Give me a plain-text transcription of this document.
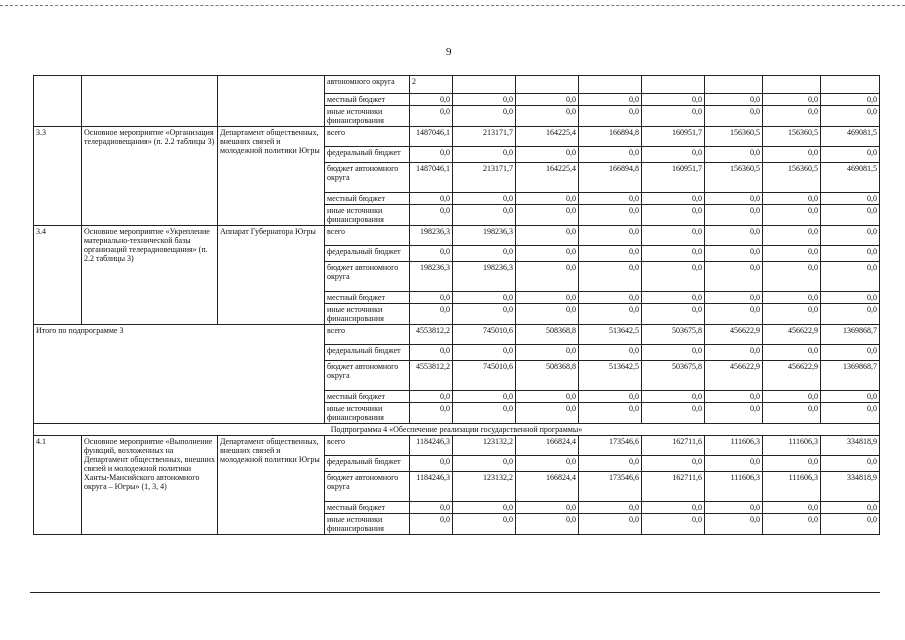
9
			автономного округа	2							
			местный бюджет	0,0	0,0	0,0	0,0	0,0	0,0	0,0	0,0
			иные источники финансирования	0,0	0,0	0,0	0,0	0,0	0,0	0,0	0,0
3.3	Основное мероприятие «Организация телерадиовещания» (п. 2.2 таблицы 3)	Департамент общественных, внешних связей и молодежной политики Югры	всего	1487046,1	213171,7	164225,4	166894,8	160951,7	156360,5	156360,5	469081,5
			федеральный бюджет	0,0	0,0	0,0	0,0	0,0	0,0	0,0	0,0
			бюджет автономного округа	1487046,1	213171,7	164225,4	166894,8	160951,7	156360,5	156360,5	469081,5
			местный бюджет	0,0	0,0	0,0	0,0	0,0	0,0	0,0	0,0
			иные источники финансирования	0,0	0,0	0,0	0,0	0,0	0,0	0,0	0,0
3.4	Основное мероприятие «Укрепление материально-технической базы организаций телерадиовещания» (п. 2.2 таблицы 3)	Аппарат Губернатора Югры	всего	198236,3	198236,3	0,0	0,0	0,0	0,0	0,0	0,0
			федеральный бюджет	0,0	0,0	0,0	0,0	0,0	0,0	0,0	0,0
			бюджет автономного округа	198236,3	198236,3	0,0	0,0	0,0	0,0	0,0	0,0
			местный бюджет	0,0	0,0	0,0	0,0	0,0	0,0	0,0	0,0
			иные источники финансирования	0,0	0,0	0,0	0,0	0,0	0,0	0,0	0,0
Итого по подпрограмме 3			всего	4553812,2	745010,6	508368,8	513642,5	503675,8	456622,9	456622,9	1369868,7
			федеральный бюджет	0,0	0,0	0,0	0,0	0,0	0,0	0,0	0,0
			бюджет автономного округа	4553812,2	745010,6	508368,8	513642,5	503675,8	456622,9	456622,9	1369868,7
			местный бюджет	0,0	0,0	0,0	0,0	0,0	0,0	0,0	0,0
			иные источники финансирования	0,0	0,0	0,0	0,0	0,0	0,0	0,0	0,0
Подпрограмма 4 «Обеспечение реализации государственной программы»											
4.1	Основное мероприятие «Выполнение функций, возложенных на Департамент общественных, внешних связей и молодежной политики Ханты-Мансийского автономного округа – Югры» (1, 3, 4)	Департамент общественных, внешних связей и молодежной политики Югры	всего	1184246,3	123132,2	166824,4	173546,6	162711,6	111606,3	111606,3	334818,9
			федеральный бюджет	0,0	0,0	0,0	0,0	0,0	0,0	0,0	0,0
			бюджет автономного округа	1184246,3	123132,2	166824,4	173546,6	162711,6	111606,3	111606,3	334818,9
			местный бюджет	0,0	0,0	0,0	0,0	0,0	0,0	0,0	0,0
			иные источники финансирования	0,0	0,0	0,0	0,0	0,0	0,0	0,0	0,0
